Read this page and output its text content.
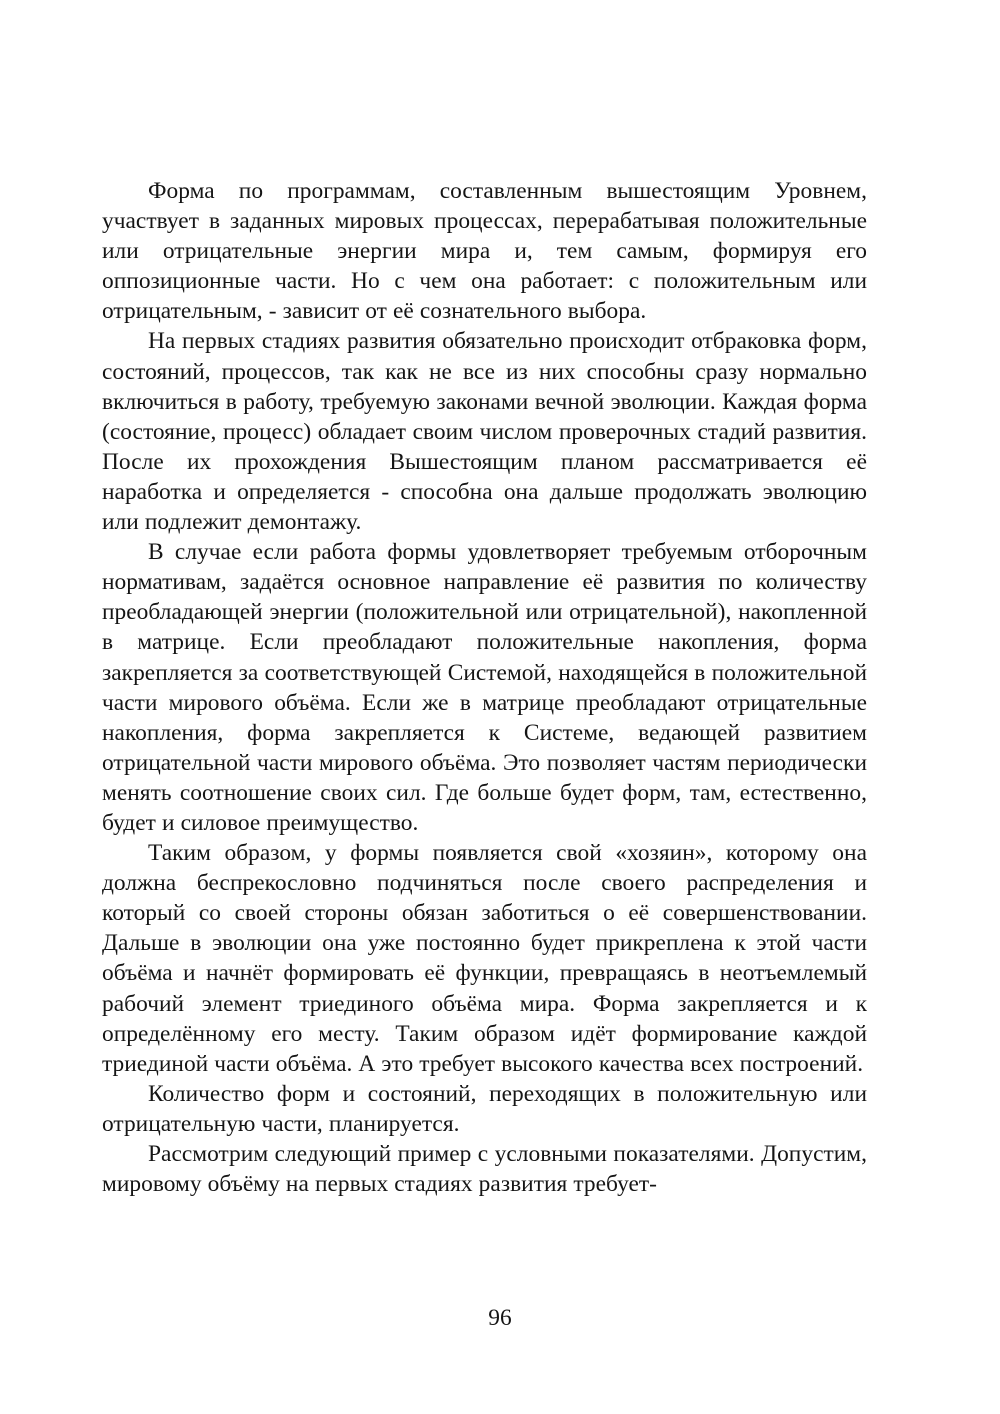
Форма по программам, составленным вышестоящим Уровнем, участвует в заданных мировых процессах, перерабатывая положительные или отрицательные энергии мира и, тем самым, формируя его оппозиционные части. Но с чем она работает: с положительным или отрицательным, - зависит от её сознательного выбора.

На первых стадиях развития обязательно происходит отбраковка форм, состояний, процессов, так как не все из них способны сразу нормально включиться в работу, требуемую законами вечной эволюции. Каждая форма (состояние, процесс) обладает своим числом проверочных стадий развития. После их прохождения Вышестоящим планом рассматривается её наработка и определяется - способна она дальше продолжать эволюцию или подлежит демонтажу.

В случае если работа формы удовлетворяет требуемым отборочным нормативам, задаётся основное направление её развития по количеству преобладающей энергии (положительной или отрицательной), накопленной в матрице. Если преобладают положительные накопления, форма закрепляется за соответствующей Системой, находящейся в положительной части мирового объёма. Если же в матрице преобладают отрицательные накопления, форма закрепляется к Системе, ведающей развитием отрицательной части мирового объёма. Это позволяет частям периодически менять соотношение своих сил. Где больше будет форм, там, естественно, будет и силовое преимущество.

Таким образом, у формы появляется свой «хозяин», которому она должна беспрекословно подчиняться после своего распределения и который со своей стороны обязан заботиться о её совершенствовании. Дальше в эволюции она уже постоянно будет прикреплена к этой части объёма и начнёт формировать её функции, превращаясь в неотъемлемый рабочий элемент триединого объёма мира. Форма закрепляется и к определённому его месту. Таким образом идёт формирование каждой триединой части объёма. А это требует высокого качества всех построений.

Количество форм и состояний, переходящих в положительную или отрицательную части, планируется.

Рассмотрим следующий пример с условными показателями. Допустим, мировому объёму на первых стадиях развития требует-

96
